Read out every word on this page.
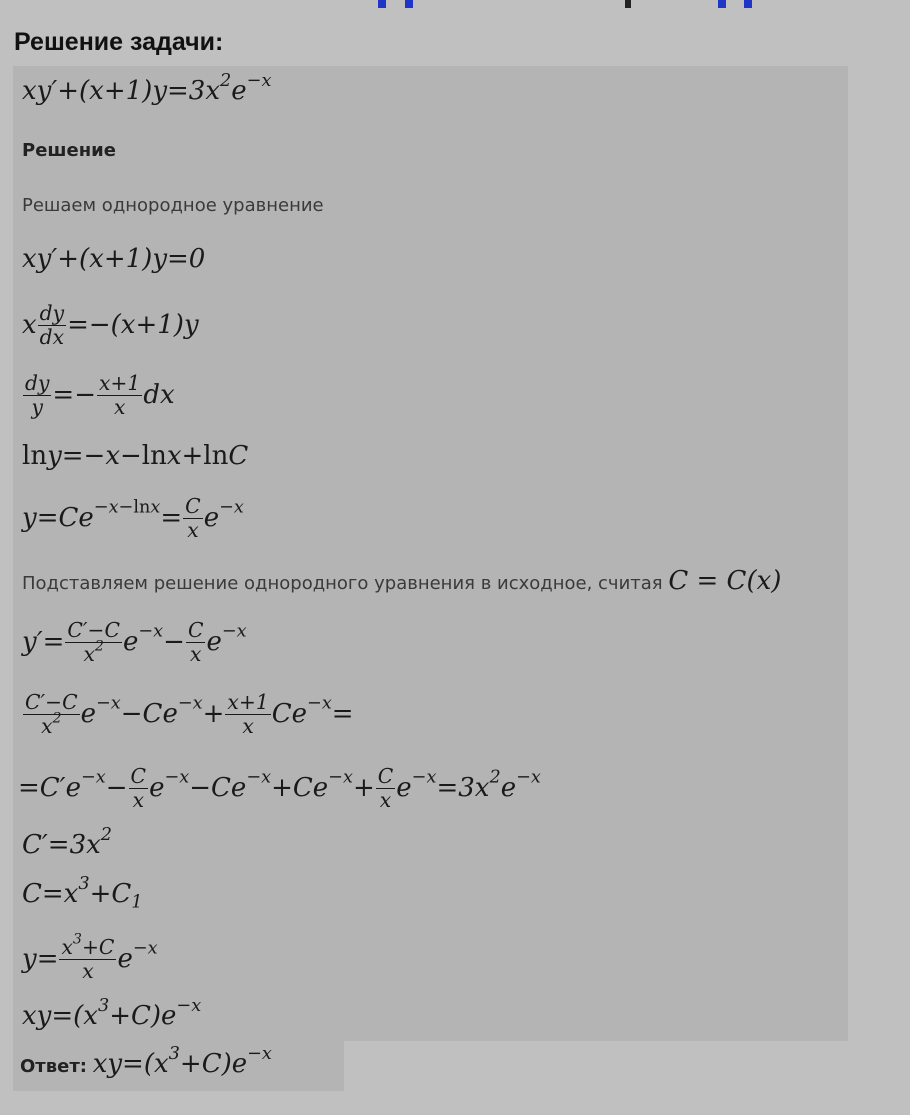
Решение задачи:
$xy'+(x+1)y=3x^2e^{-x}$
Решение
Решаем однородное уравнение
xy′+(x+1)y=0
x $\frac{dy}{dx} =-(x+1)y$
$\frac{dy}{y} =- \frac{x+1}{x}$ dx
lny=−x−lnx+lnC
$y=Ce^{-x-lnx}= \frac{C}{x} e^{-x}$
Подставляем решение однородного уравнения в исходное, считая C = C(x)
$y'= \frac{C'-C}{x^2} e^{-x}- \frac{C}{x} e^{-x}$
$\frac{C'-C}{x^2} e^{-x}-Ce^{-x}+ \frac{x+1}{x} Ce^{-x}=$
$=C'e^{-x}- \frac{C}{x} e^{-x}-Ce^{-x}+Ce^{-x}+ \frac{C}{x} e^{-x}=3x^2e^{-x}$
$C'=3x^2$
$C=x^3+C_1$
$y= \frac{x^3+C}{x} e^{-x}$
$xy=(x^3+C)e^{-x}$
Ответ: $xy=(x^3+C)e^{-x}$
